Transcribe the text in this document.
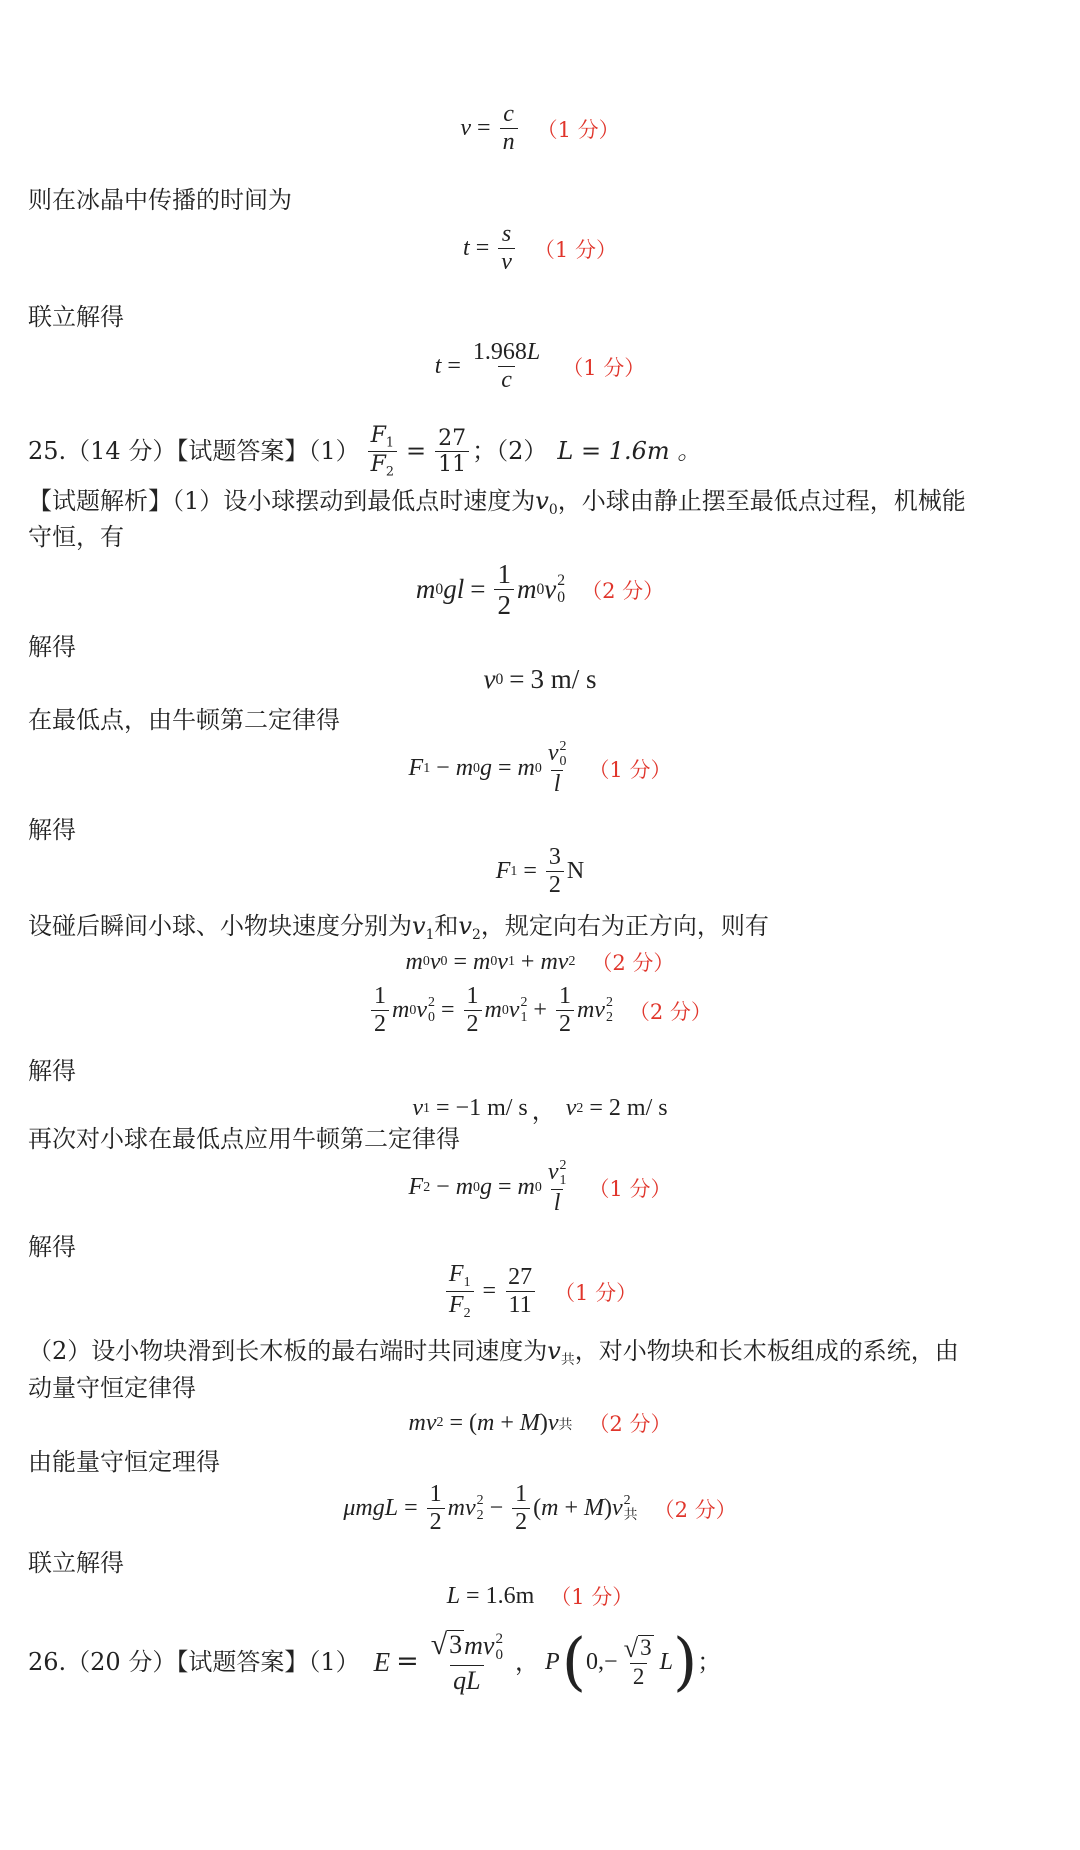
$v = \frac{c}{n} (1$ 分）
则在冰晶中传播的时间为
$t = \frac{s}{v} (1$ 分）
联立解得
$t = \frac{1.968L}{c} (1$ 分）
25.（14 分）【试题答案】$(1) \frac{F_1}{F_2} = \frac{27}{11}$ ；（2） L = 1.6m 。
【试题解析】（1）设小球摆动到最低点时速度为$v_0$，小球由静止摆至最低点过程，机械能
守恒，有
m 0 gl = $\frac{1}{2}$ m 0 v 2
0 （2 分）
解得
v 0 = 3 m/ s
在最低点，由牛顿第二定律得
F 1 − m 0 g = m 0 v 2
0
l （1 分）
解得
F $1 = \frac{3}{2}$ N
设碰后瞬间小球、小物块速度分别为$v_1$和$v_2$，规定向右为正方向，则有
m 0 v 0 = m 0 v 1 + mv 2 （2 分）
$\frac{1}{2}$ m 0 v 2
$0 = \frac{1}{2}$ m 0 v 2
$1 + \frac{1}{2}$ mv 2
2 （2 分）
解得
v 1 = −1 m/ s ， v 2 = 2 m/ s
再次对小球在最低点应用牛顿第二定律得
F 2 − m 0 g = m 0 v 2
1
l （1 分）
解得
$\frac{F_1}{F_2} = \frac{27}{11} (1$ 分）
（2）设小物块滑到长木板的最右端时共同速度为$v_共$，对小物块和长木板组成的系统，由
动量守恒定律得
mv 2 = ( m + M ) v 共 （2 分）
由能量守恒定理得
$\mu mgL = \frac{1}{2}$ mv 2
$2 - \frac{1}{2}$ ( m + M ) v 2
共 （2 分）
联立解得
L = 1.6m （1 分）
26.（20 分）【试题答案】（1） E = √ 3 mv 2
0
qL ， P ( $0,- \frac{√ 3}{2}$ L ) ；
